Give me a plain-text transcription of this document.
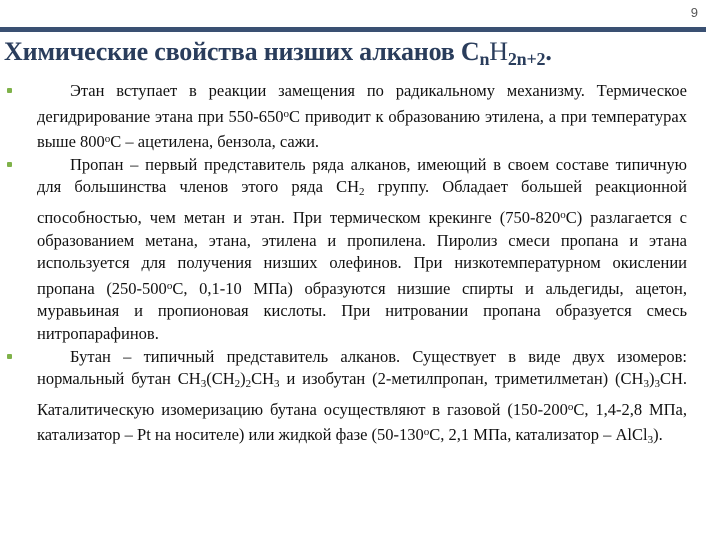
9
Химические свойства низших алканов $С_nН_{2n+2}$.

Этан вступает в реакции замещения по радикальному механизму. Термическое дегидрирование этана при $550-650^оС$ приводит к образованию этилена, а при температурах выше $800^оС$ – ацетилена, бензола, сажи.

Пропан – первый представитель ряда алканов, имеющий в своем составе типичную для большинства членов этого ряда СН2 группу. Обладает большей реакционной способностью, чем метан и этан. При термическом крекинге $(750-820^оС)$ разлагается с образованием метана, этана, этилена и пропилена. Пиролиз смеси пропана и этана используется для получения низших олефинов. При низкотемпературном окислении пропана ($250-500^оС$, 0,1-10 МПа) образуются низшие спирты и альдегиды, ацетон, муравьиная и пропионовая кислоты. При нитровании пропана образуется смесь нитропарафинов.

Бутан – типичный представитель алканов. Существует в виде двух изомеров: нормальный бутан СН3(СН2)2СН3 и изобутан (2-метилпропан, триметилметан) (СН3)3СН. Каталитическую изомеризацию бутана осуществляют в газовой ($150-200^оС$, 1,4-2,8 МПа, катализатор – Pt на носителе) или жидкой фазе ($50-130^оС$, 2,1 МПа, катализатор – AlCl3).
